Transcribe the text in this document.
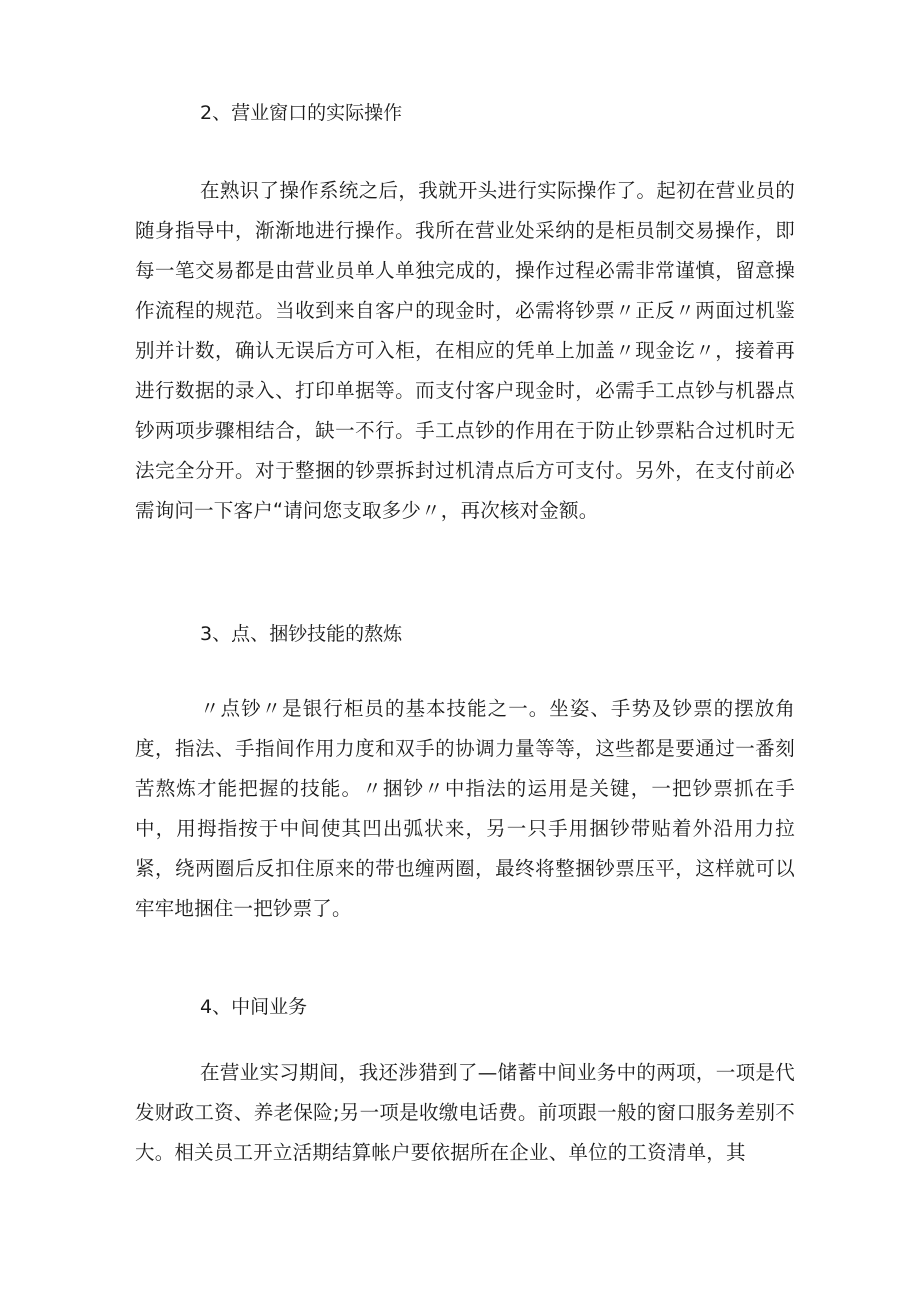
2、营业窗口的实际操作
在熟识了操作系统之后，我就开头进行实际操作了。起初在营业员的随身指导中，渐渐地进行操作。我所在营业处采纳的是柜员制交易操作，即每一笔交易都是由营业员单人单独完成的，操作过程必需非常谨慎，留意操作流程的规范。当收到来自客户的现金时，必需将钞票〃正反〃两面过机鉴别并计数，确认无误后方可入柜，在相应的凭单上加盖〃现金讫〃，接着再进行数据的录入、打印单据等。而支付客户现金时，必需手工点钞与机器点钞两项步骤相结合，缺一不行。手工点钞的作用在于防止钞票粘合过机时无法完全分开。对于整捆的钞票拆封过机清点后方可支付。另外，在支付前必需询问一下客户“请问您支取多少〃，再次核对金额。
3、点、捆钞技能的熬炼
〃点钞〃是银行柜员的基本技能之一。坐姿、手势及钞票的摆放角度，指法、手指间作用力度和双手的协调力量等等，这些都是要通过一番刻苦熬炼才能把握的技能。〃捆钞〃中指法的运用是关键，一把钞票抓在手中，用拇指按于中间使其凹出弧状来，另一只手用捆钞带贴着外沿用力拉紧，绕两圈后反扣住原来的带也缠两圈，最终将整捆钞票压平，这样就可以牢牢地捆住一把钞票了。
4、中间业务
在营业实习期间，我还涉猎到了—储蓄中间业务中的两项，一项是代发财政工资、养老保险;另一项是收缴电话费。前项跟一般的窗口服务差别不大。相关员工开立活期结算帐户要依据所在企业、单位的工资清单，其
